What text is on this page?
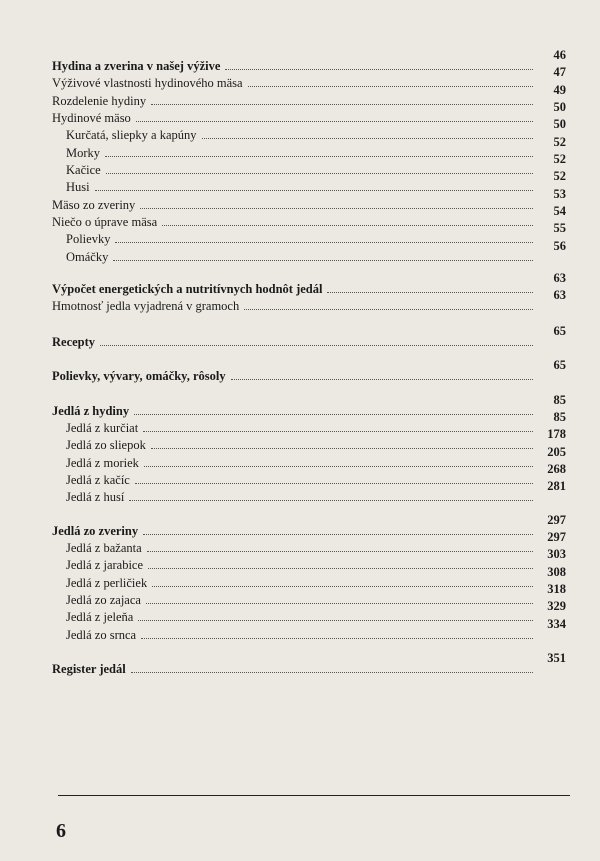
Hydina a zverina v našej výžive
46
Výživové vlastnosti hydinového mäsa
47
Rozdelenie hydiny
49
Hydinové mäso
50
Kurčatá, sliepky a kapúny
50
Morky
52
Kačice
52
Husi
52
Mäso zo zveriny
53
Niečo o úprave mäsa
54
Polievky
55
Omáčky
56
Výpočet energetických a nutritívnych hodnôt jedál
63
Hmotnosť jedla vyjadrená v gramoch
63
Recepty
65
Polievky, vývary, omáčky, rôsoly
65
Jedlá z hydiny
85
Jedlá z kurčiat
85
Jedlá zo sliepok
178
Jedlá z moriek
205
Jedlá z kačíc
268
Jedlá z husí
281
Jedlá zo zveriny
297
Jedlá z bažanta
297
Jedlá z jarabice
303
Jedlá z perličiek
308
Jedlá zo zajaca
318
Jedlá z jeleňa
329
Jedlá zo srnca
334
Register jedál
351
6
